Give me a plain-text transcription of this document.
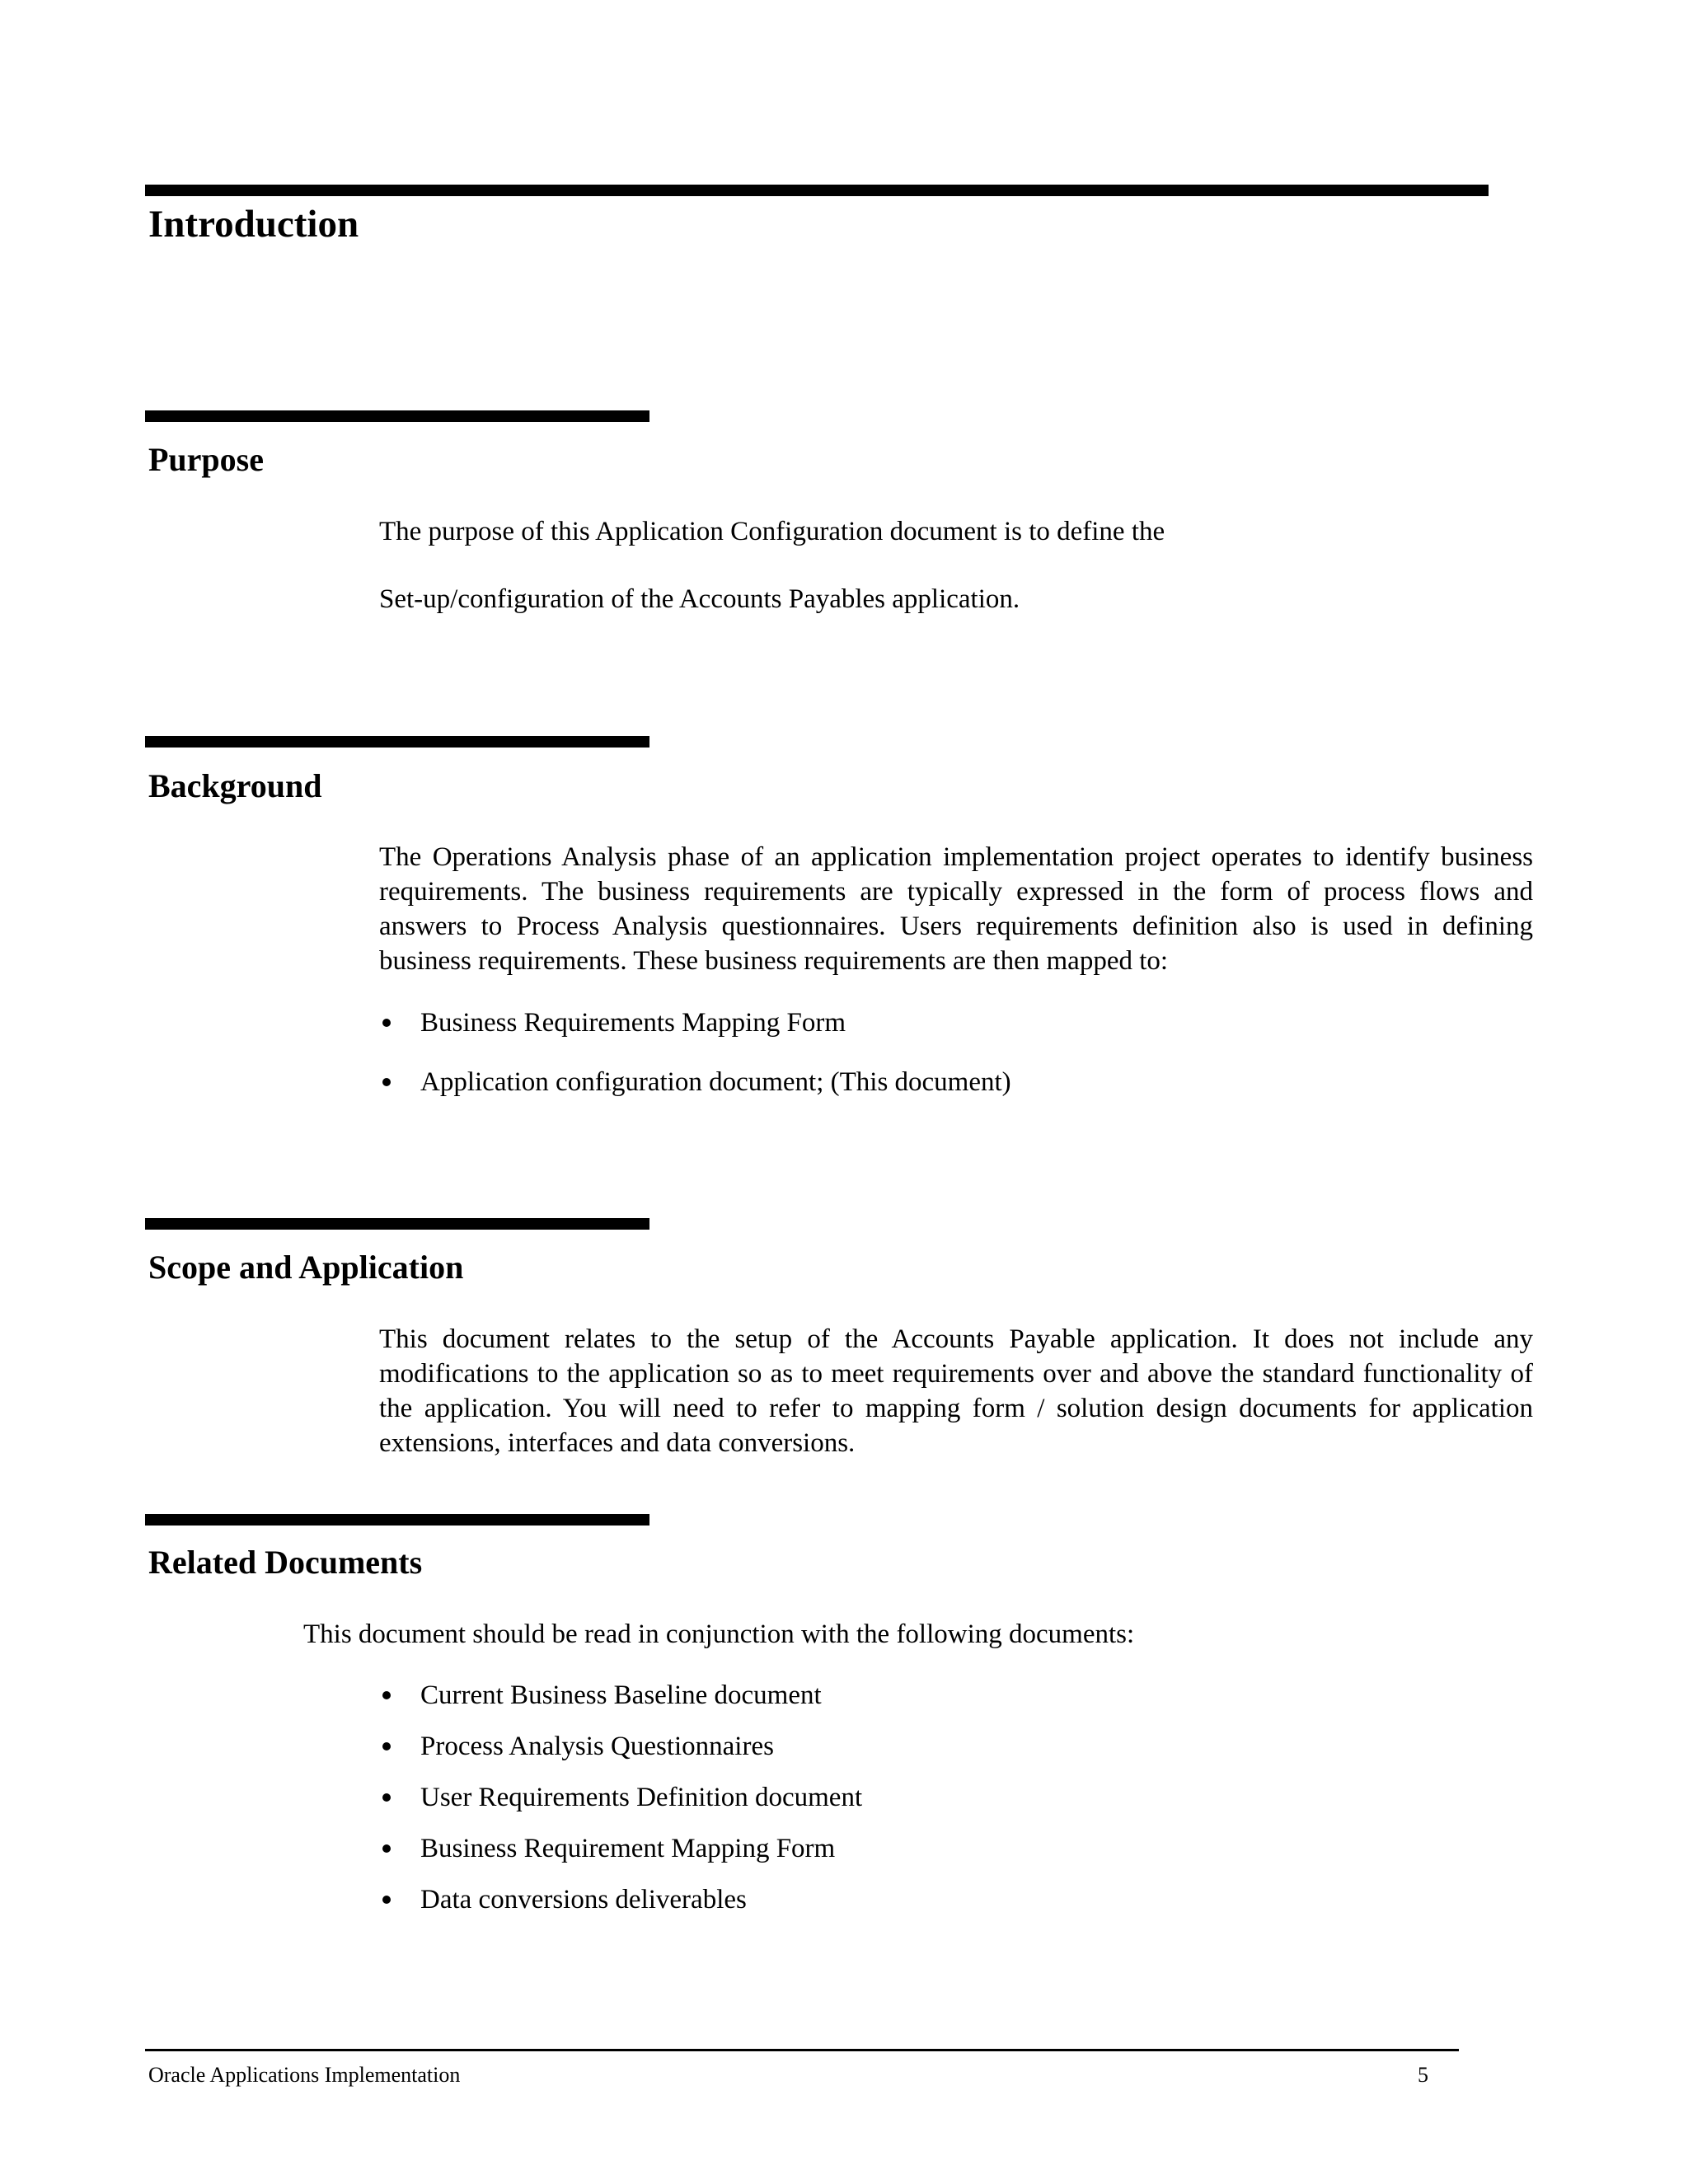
Introduction
Purpose

The purpose of this Application Configuration document is to define the

Set-up/configuration of the Accounts Payables application.

Background

The Operations Analysis phase of an application implementation project operates to identify business requirements. The business requirements are typically expressed in the form of process flows and answers to Process Analysis questionnaires. Users requirements definition also is used in defining business requirements. These business requirements are then mapped to:

Business Requirements Mapping Form
Application configuration document; (This document)
Scope and Application

This document relates to the setup of the Accounts Payable application. It does not include any modifications to the application so as to meet requirements over and above the standard functionality of the application. You will need to refer to mapping form / solution design documents for application extensions, interfaces and data conversions.

Related Documents

This document should be read in conjunction with the following documents:

Current Business Baseline document
Process Analysis Questionnaires
User Requirements Definition document
Business Requirement Mapping Form
Data conversions deliverables
Oracle Applications Implementation	5
